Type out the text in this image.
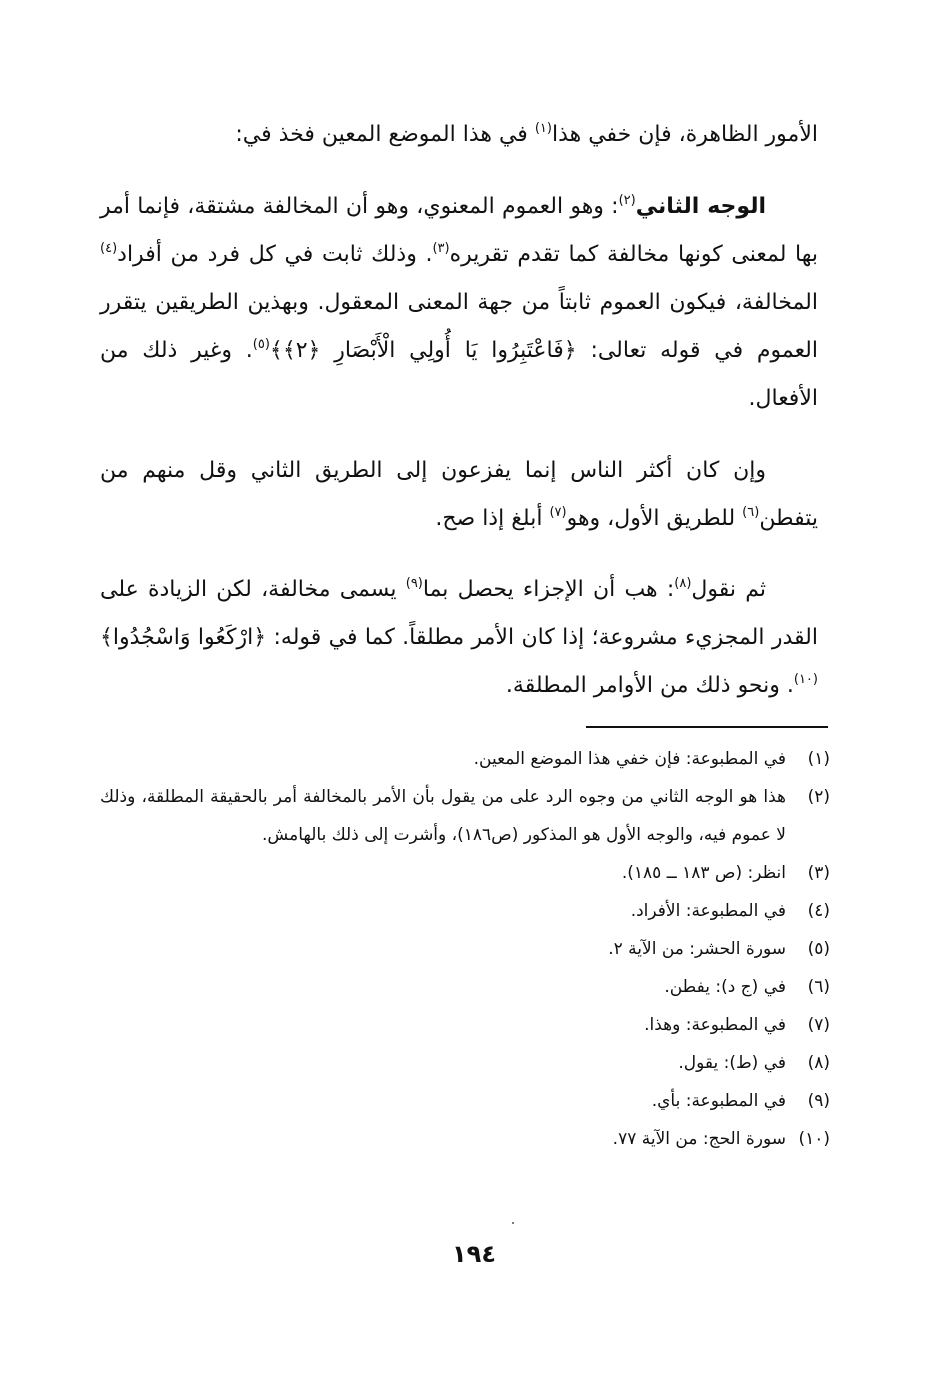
الأمور الظاهرة، فإن خفي هذا$^{(١)}$ في هذا الموضع المعين فخذ في:

الوجه الثاني$^{(٢)}$: وهو العموم المعنوي، وهو أن المخالفة مشتقة، فإنما أمر بها لمعنى كونها مخالفة كما تقدم تقريره$^{(٣)}$. وذلك ثابت في كل فرد من أفراد$^{(٤)}$ المخالفة، فيكون العموم ثابتاً من جهة المعنى المعقول. وبهذين الطريقين يتقرر العموم في قوله تعالى: ﴿فَاعْتَبِرُوا يَا أُولِي الْأَبْصَارِ ﴿٢﴾﴾$^{(٥)}$. وغير ذلك من الأفعال.

وإن كان أكثر الناس إنما يفزعون إلى الطريق الثاني وقل منهم من يتفطن$^{(٦)}$ للطريق الأول، وهو$^{(٧)}$ أبلغ إذا صح.

ثم نقول$^{(٨)}$: هب أن الإجزاء يحصل بما$^{(٩)}$ يسمى مخالفة، لكن الزيادة على القدر المجزيء مشروعة؛ إذا كان الأمر مطلقاً. كما في قوله: ﴿ارْكَعُوا وَاسْجُدُوا﴾$^{(١٠)}$. ونحو ذلك من الأوامر المطلقة.

(١)
في المطبوعة: فإن خفي هذا الموضع المعين.
(٢)
هذا هو الوجه الثاني من وجوه الرد على من يقول بأن الأمر بالمخالفة أمر بالحقيقة المطلقة، وذلك لا عموم فيه، والوجه الأول هو المذكور (ص١٨٦)، وأشرت إلى ذلك بالهامش.
(٣)
انظر: (ص ١٨٣ ــ ١٨٥).
(٤)
في المطبوعة: الأفراد.
(٥)
سورة الحشر: من الآية ٢.
(٦)
في (ج د): يفطن.
(٧)
في المطبوعة: وهذا.
(٨)
في (ط): يقول.
(٩)
في المطبوعة: بأي.
(١٠)
سورة الحج: من الآية ٧٧.
١٩٤
